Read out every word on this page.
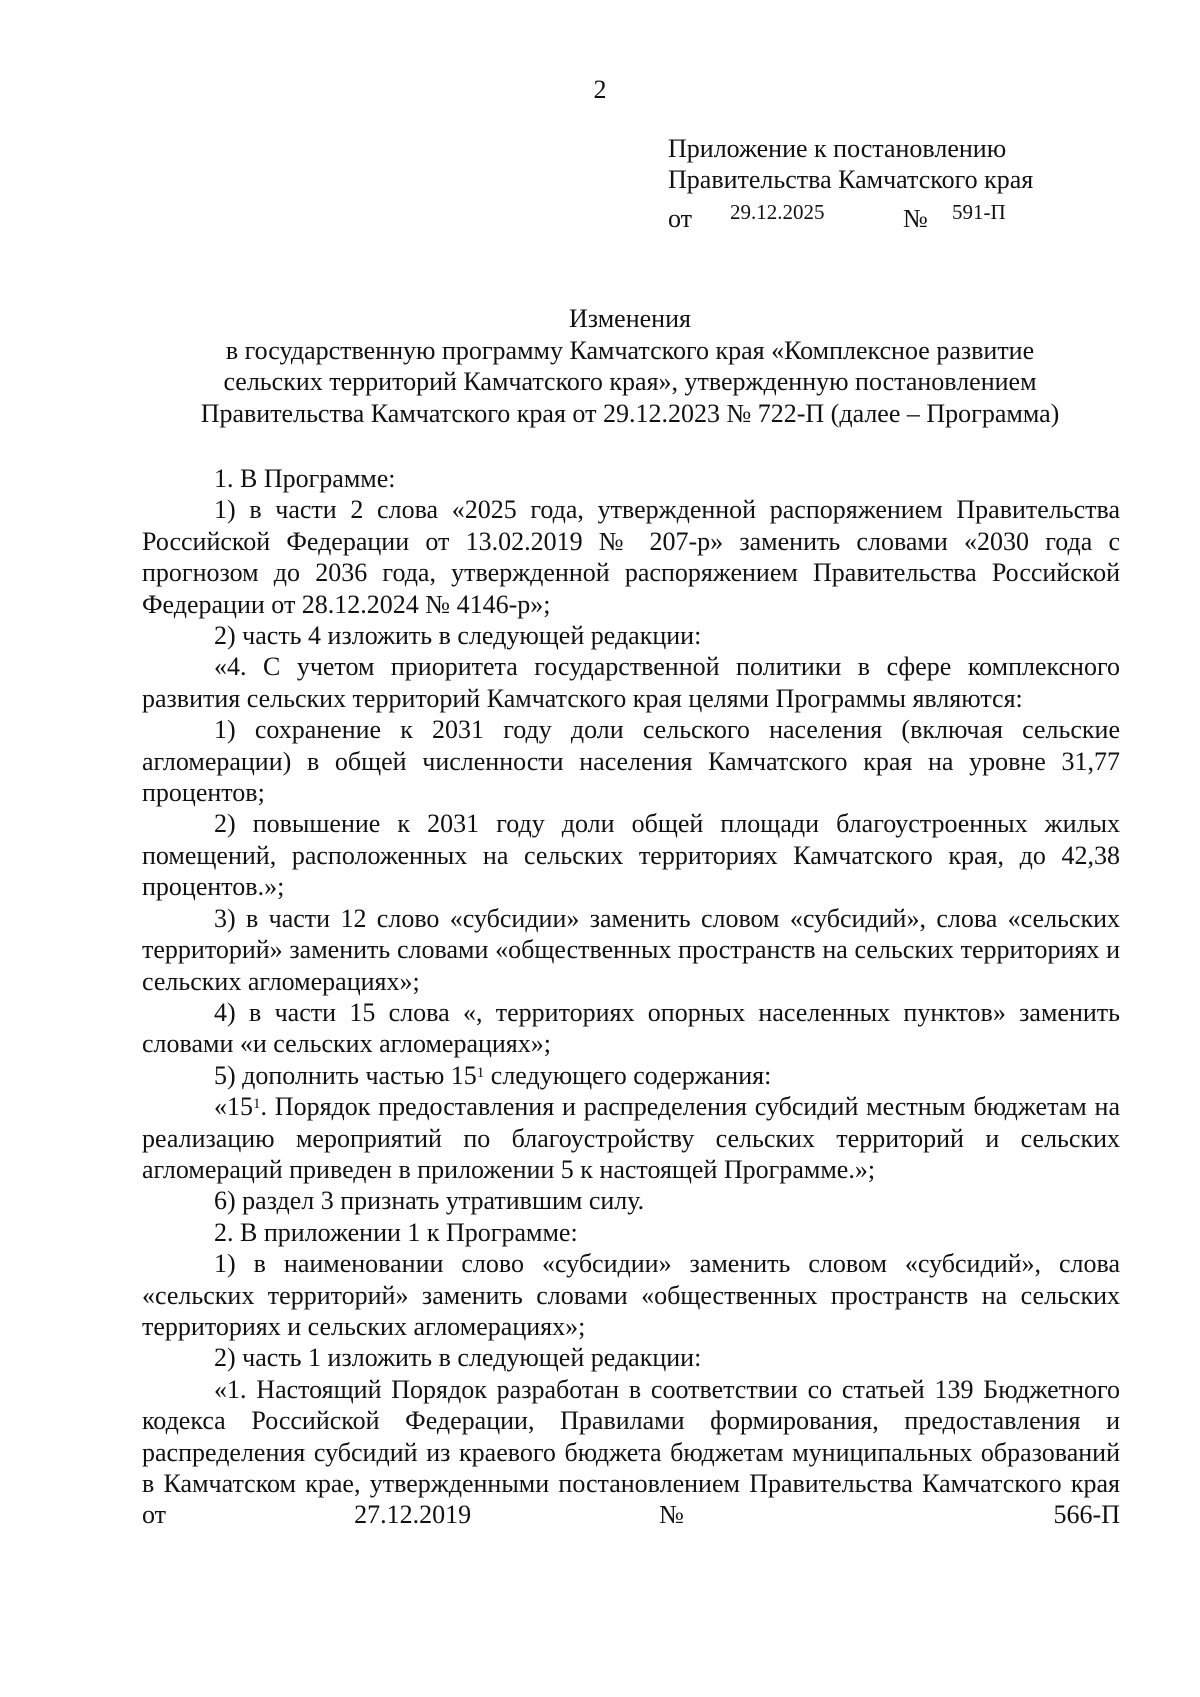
2
Приложение к постановлению
Правительства Камчатского края
от 29.12.2025	№ 591-П
Изменения
в государственную программу Камчатского края «Комплексное развитие
сельских территорий Камчатского края», утвержденную постановлением
Правительства Камчатского края от 29.12.2023 № 722-П (далее – Программа)

1. В Программе:

1) в части 2 слова «2025 года, утвержденной распоряжением Правительства Российской Федерации от 13.02.2019 № 207-р» заменить словами «2030 года с прогнозом до 2036 года, утвержденной распоряжением Правительства Российской Федерации от 28.12.2024 № 4146-р»;

2) часть 4 изложить в следующей редакции:

«4. С учетом приоритета государственной политики в сфере комплексного развития сельских территорий Камчатского края целями Программы являются:

1) сохранение к 2031 году доли сельского населения (включая сельские агломерации) в общей численности населения Камчатского края на уровне 31,77 процентов;

2) повышение к 2031 году доли общей площади благоустроенных жилых помещений, расположенных на сельских территориях Камчатского края, до 42,38 процентов.»;

3) в части 12 слово «субсидии» заменить словом «субсидий», слова «сельских территорий» заменить словами «общественных пространств на сельских территориях и сельских агломерациях»;

4) в части 15 слова «, территориях опорных населенных пунктов» заменить словами «и сельских агломерациях»;

5) дополнить частью $15^1$ следующего содержания:

«$15^1$. Порядок предоставления и распределения субсидий местным бюджетам на реализацию мероприятий по благоустройству сельских территорий и сельских агломераций приведен в приложении 5 к настоящей Программе.»;

6) раздел 3 признать утратившим силу.

2. В приложении 1 к Программе:

1) в наименовании слово «субсидии» заменить словом «субсидий», слова «сельских территорий» заменить словами «общественных пространств на сельских территориях и сельских агломерациях»;

2) часть 1 изложить в следующей редакции:

«1. Настоящий Порядок разработан в соответствии со статьей 139 Бюджетного кодекса Российской Федерации, Правилами формирования, предоставления и распределения субсидий из краевого бюджета бюджетам муниципальных образований в Камчатском крае, утвержденными постановлением Правительства Камчатского края от 27.12.2019 № 566-П
